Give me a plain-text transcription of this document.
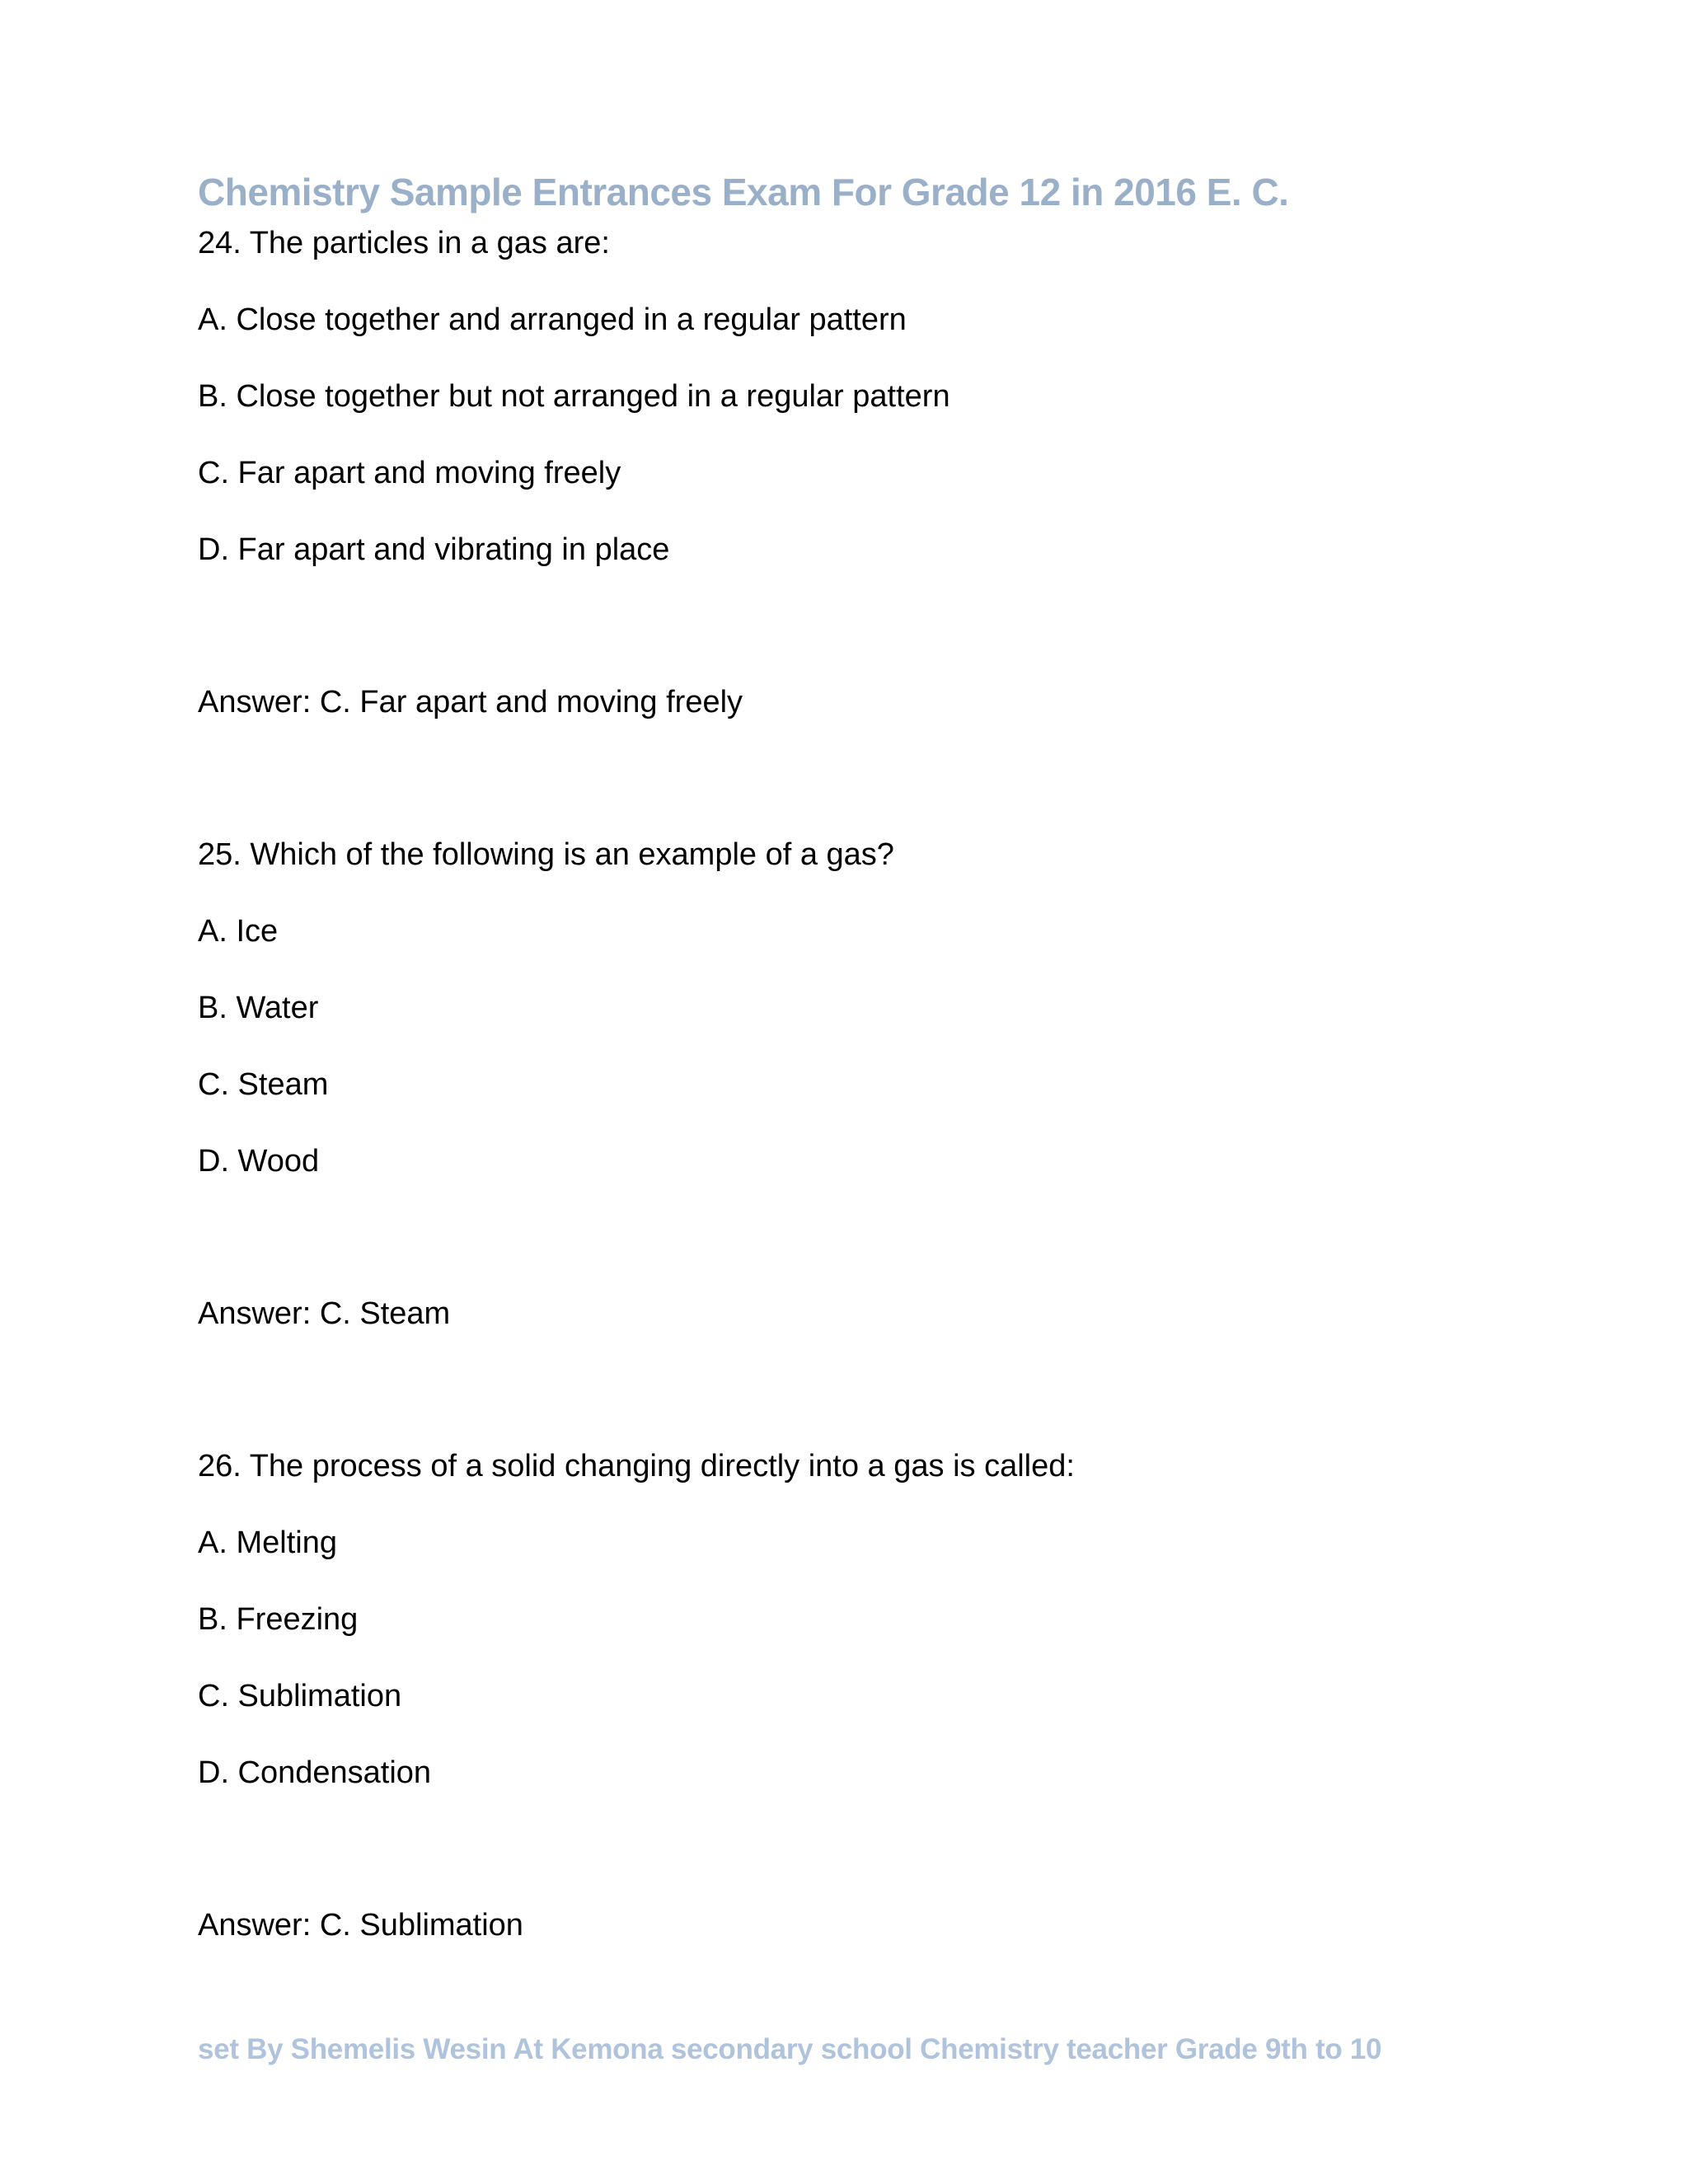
Chemistry Sample Entrances Exam For Grade 12 in 2016 E. C.
24. The particles in a gas are:
A. Close together and arranged in a regular pattern
B. Close together but not arranged in a regular pattern
C. Far apart and moving freely
D. Far apart and vibrating in place
Answer: C. Far apart and moving freely
25. Which of the following is an example of a gas?
A. Ice
B. Water
C. Steam
D. Wood
Answer: C. Steam
26. The process of a solid changing directly into a gas is called:
A. Melting
B. Freezing
C. Sublimation
D. Condensation
Answer: C. Sublimation
set By Shemelis Wesin At Kemona secondary school Chemistry teacher Grade 9th to 10
